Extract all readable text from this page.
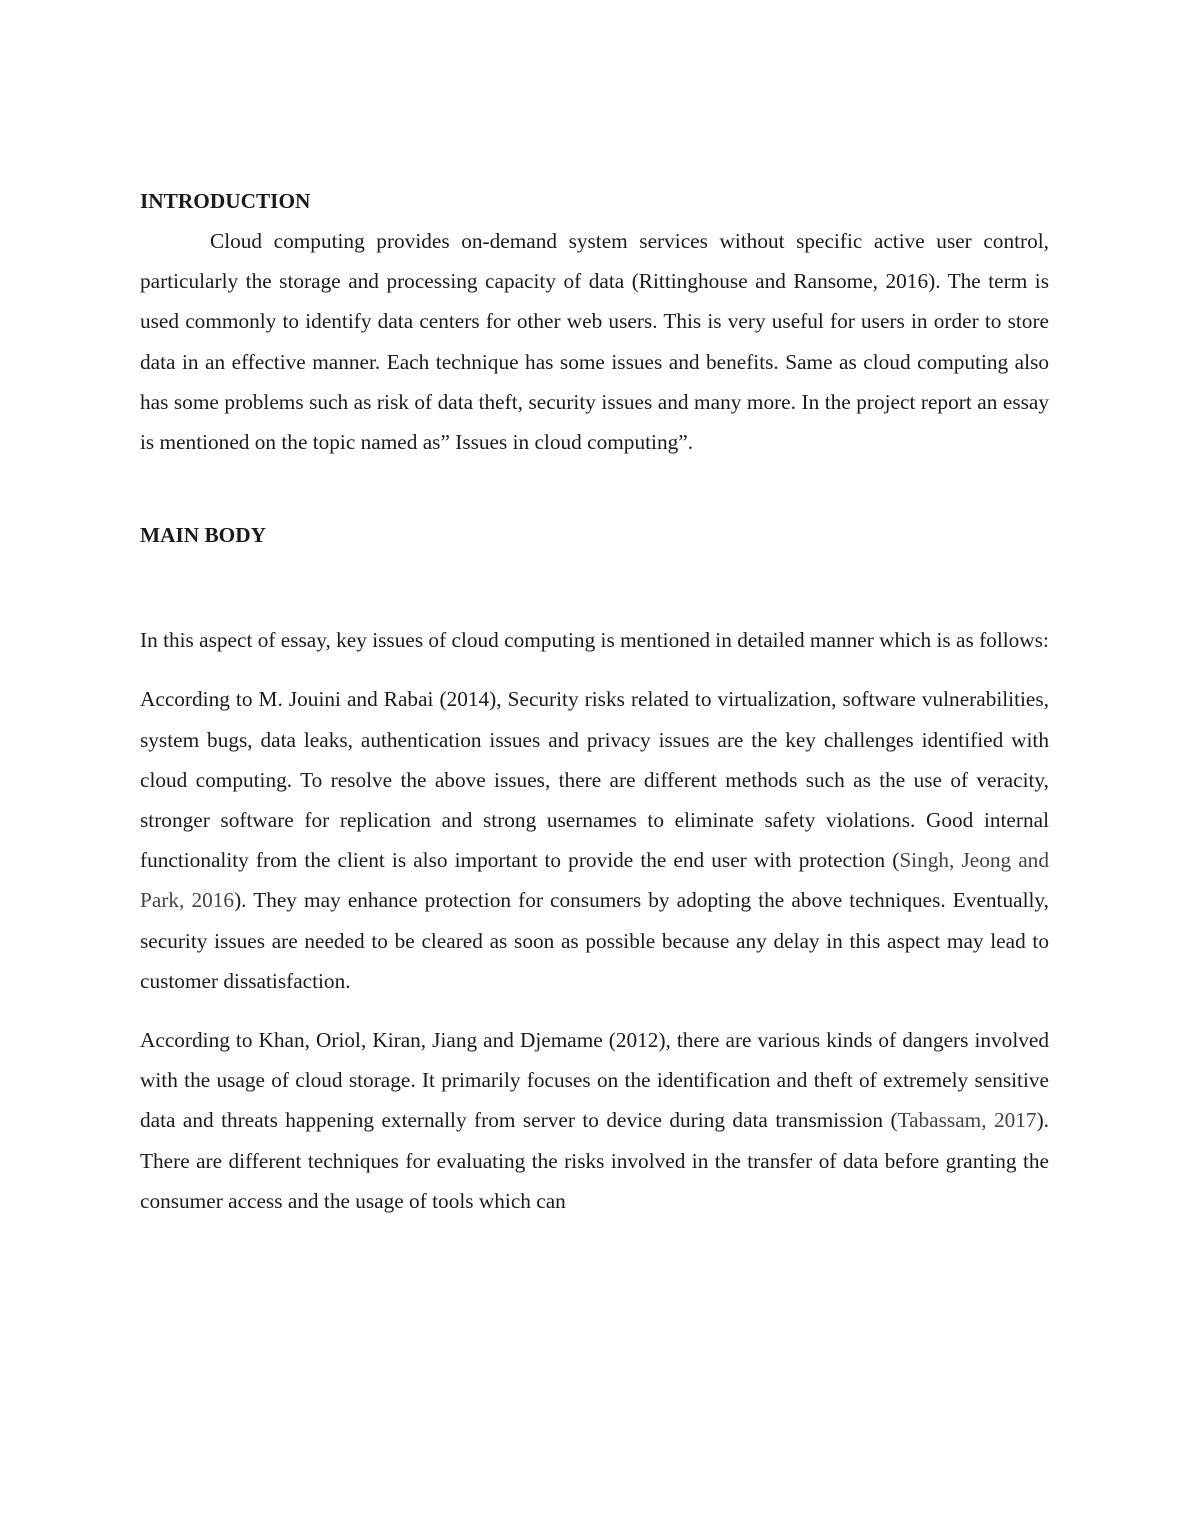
INTRODUCTION

Cloud computing provides on-demand system services without specific active user control, particularly the storage and processing capacity of data (Rittinghouse and Ransome, 2016). The term is used commonly to identify data centers for other web users. This is very useful for users in order to store data in an effective manner. Each technique has some issues and benefits. Same as cloud computing also has some problems such as risk of data theft, security issues and many more. In the project report an essay is mentioned on the topic named as” Issues in cloud computing”.

MAIN BODY

In this aspect of essay, key issues of cloud computing is mentioned in detailed manner which is as follows:

According to M. Jouini and Rabai (2014), Security risks related to virtualization, software vulnerabilities, system bugs, data leaks, authentication issues and privacy issues are the key challenges identified with cloud computing. To resolve the above issues, there are different methods such as the use of veracity, stronger software for replication and strong usernames to eliminate safety violations. Good internal functionality from the client is also important to provide the end user with protection (Singh, Jeong and Park, 2016). They may enhance protection for consumers by adopting the above techniques. Eventually, security issues are needed to be cleared as soon as possible because any delay in this aspect may lead to customer dissatisfaction.

According to Khan, Oriol, Kiran, Jiang and Djemame (2012), there are various kinds of dangers involved with the usage of cloud storage. It primarily focuses on the identification and theft of extremely sensitive data and threats happening externally from server to device during data transmission (Tabassam, 2017). There are different techniques for evaluating the risks involved in the transfer of data before granting the consumer access and the usage of tools which can
